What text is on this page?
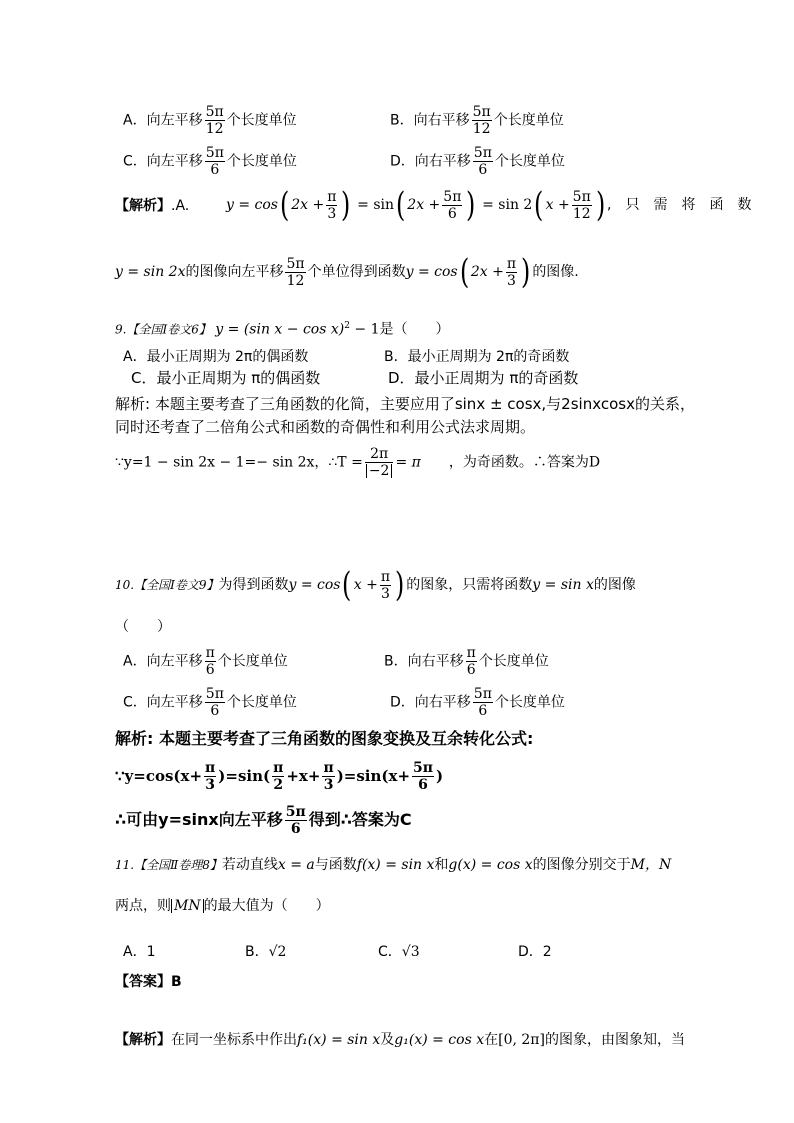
A．向左平移 $\frac{5\pi}{12}$ 个长度单位	B．向右平移 $\frac{5\pi}{12}$ 个长度单位
C．向左平移 $\frac{5\pi}{6}$ 个长度单位	D．向右平移 $\frac{5\pi}{6}$ 个长度单位
【解析】.A.	y = cos( $2x + \frac{\pi}{3}$ ) = sin( $2x + \frac{5\pi}{6}$ ) = sin 2( $x + \frac{5\pi}{12}$ ) ,只需将函数
y = sin 2x的图像向左平移 $\frac{5\pi}{12}$ 个单位得到函数y = cos( $2x + \frac{\pi}{3}$ ) 的图像.
9.【全国Ⅰ卷文6】 y = (sin x − cos x)$^2$ − 1是（　　）
A．最小正周期为 2π的偶函数	B．最小正周期为 2π的奇函数
C．最小正周期为 π的偶函数	D．最小正周期为 π的奇函数
解析: 本题主要考查了三角函数的化简，主要应用了sinx ± cosx,与2sinxcosx的关系，
同时还考查了二倍角公式和函数的奇偶性和利用公式法求周期。
∵y=1 − sin 2x − 1=− sin 2x，∴T = $\frac{2\pi}{-2} = \pi$ ，为奇函数。∴答案为D
10.【全国Ⅰ卷文9】为得到函数y = cos( $x + \frac{\pi}{3}$ ) 的图象，只需将函数y = sin x的图像
（　　）
A．向左平移 $\frac{\pi}{6}$ 个长度单位	B．向右平移 $\frac{\pi}{6}$ 个长度单位
C．向左平移 $\frac{5\pi}{6}$ 个长度单位	D．向右平移 $\frac{5\pi}{6}$ 个长度单位
解析: 本题主要考查了三角函数的图象变换及互余转化公式:
∵y=cos(x+ $\frac{\pi}{3} )=\sin( \frac{\pi}{2} +x+ \frac{\pi}{3} )=\sin(x+ \frac{5\pi}{6}$ )
∴可由y=sinx向左平移 $\frac{5\pi}{6}$ 得到∴答案为C
11.【全国Ⅱ卷理8】若动直线x = a与函数f(x) = sin x和g(x) = cos x的图像分别交于M，N
两点，则 MN 的最大值为（　　）
A．1	B．√2	C．√3	D．2
【答案】B
【解析】在同一坐标系中作出f₁(x) = sin x及g₁(x) = cos x在[0, 2π]的图象，由图象知，当
